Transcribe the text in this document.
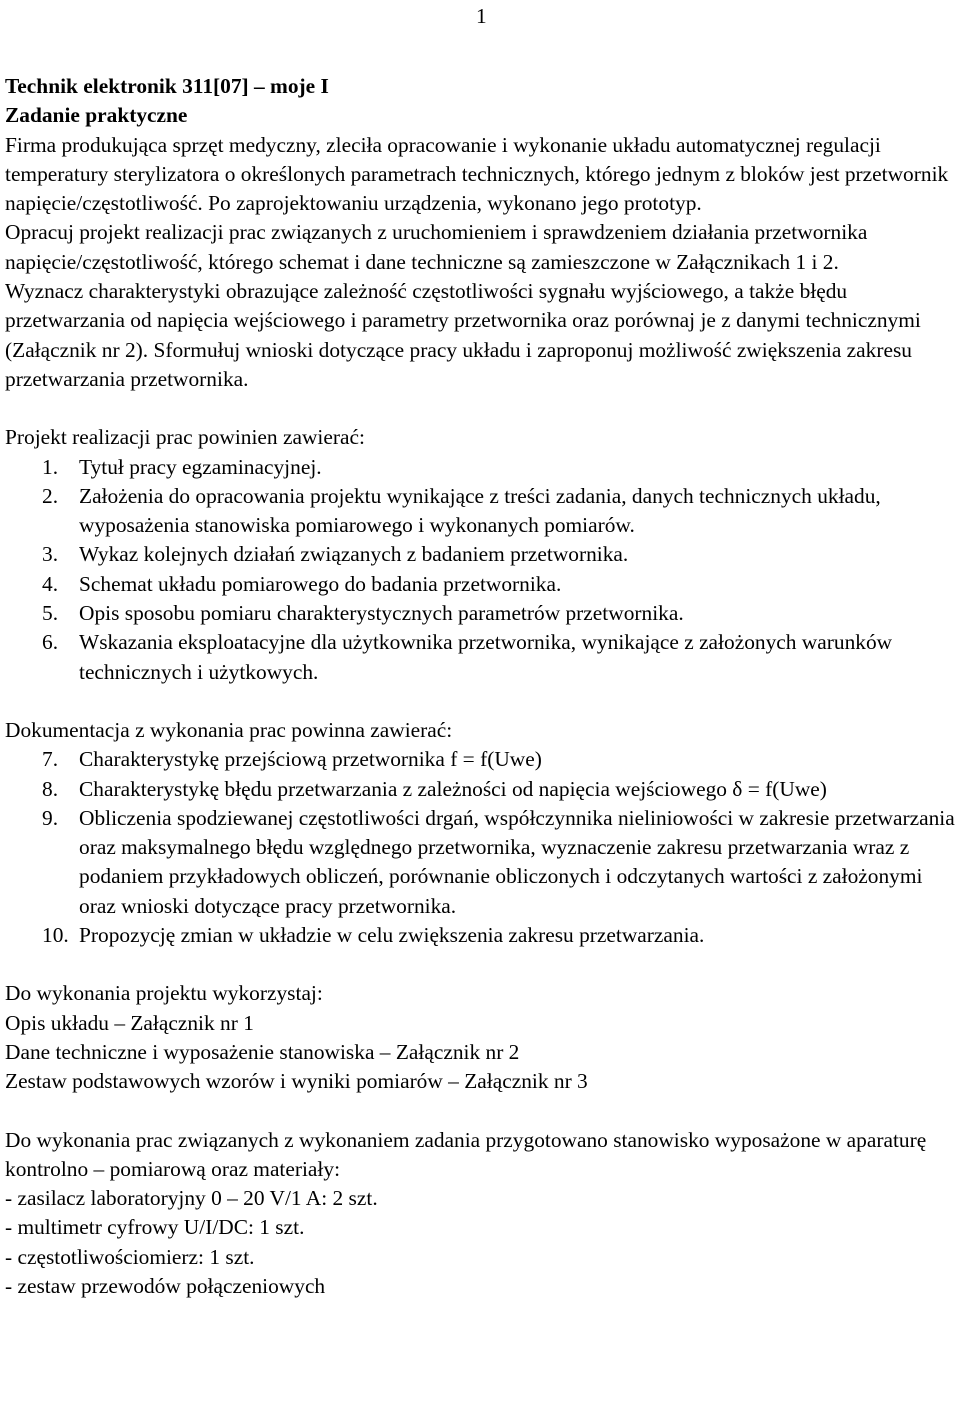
1

Technik elektronik 311[07] – moje I

Zadanie praktyczne

Firma produkująca sprzęt medyczny, zleciła opracowanie i wykonanie układu automatycznej regulacji temperatury sterylizatora o określonych parametrach technicznych, którego jednym z bloków jest przetwornik napięcie/częstotliwość. Po zaprojektowaniu urządzenia, wykonano jego prototyp.

Opracuj projekt realizacji prac związanych z uruchomieniem i sprawdzeniem działania przetwornika napięcie/częstotliwość, którego schemat i dane techniczne są zamieszczone w Załącznikach 1 i 2.

Wyznacz charakterystyki obrazujące zależność częstotliwości sygnału wyjściowego, a także błędu przetwarzania od napięcia wejściowego i parametry przetwornika oraz porównaj je z danymi technicznymi (Załącznik nr 2). Sformułuj wnioski dotyczące pracy układu i zaproponuj możliwość zwiększenia zakresu przetwarzania przetwornika.

Projekt realizacji prac powinien zawierać:

1. Tytuł pracy egzaminacyjnej.
2. Założenia do opracowania projektu wynikające z treści zadania, danych technicznych układu, wyposażenia stanowiska pomiarowego i wykonanych pomiarów.
3. Wykaz kolejnych działań związanych z badaniem przetwornika.
4. Schemat układu pomiarowego do badania przetwornika.
5. Opis sposobu pomiaru charakterystycznych parametrów przetwornika.
6. Wskazania eksploatacyjne dla użytkownika przetwornika, wynikające z założonych warunków technicznych i użytkowych.

Dokumentacja z wykonania prac powinna zawierać:

7. Charakterystykę przejściową przetwornika f = f(Uwe)
8. Charakterystykę błędu przetwarzania z zależności od napięcia wejściowego δ = f(Uwe)
9. Obliczenia spodziewanej częstotliwości drgań, współczynnika nieliniowości w zakresie przetwarzania oraz maksymalnego błędu względnego przetwornika, wyznaczenie zakresu przetwarzania wraz z podaniem przykładowych obliczeń, porównanie obliczonych i odczytanych wartości z założonymi oraz wnioski dotyczące pracy przetwornika.
10. Propozycję zmian w układzie w celu zwiększenia zakresu przetwarzania.

Do wykonania projektu wykorzystaj:

Opis układu – Załącznik nr 1

Dane techniczne i wyposażenie stanowiska – Załącznik nr 2

Zestaw podstawowych wzorów i wyniki pomiarów – Załącznik nr 3

Do wykonania prac związanych z wykonaniem zadania przygotowano stanowisko wyposażone w aparaturę kontrolno – pomiarową oraz materiały:

- zasilacz laboratoryjny 0 – 20 V/1 A: 2 szt.
- multimetr cyfrowy U/I/DC: 1 szt.
- częstotliwościomierz: 1 szt.
- zestaw przewodów połączeniowych
